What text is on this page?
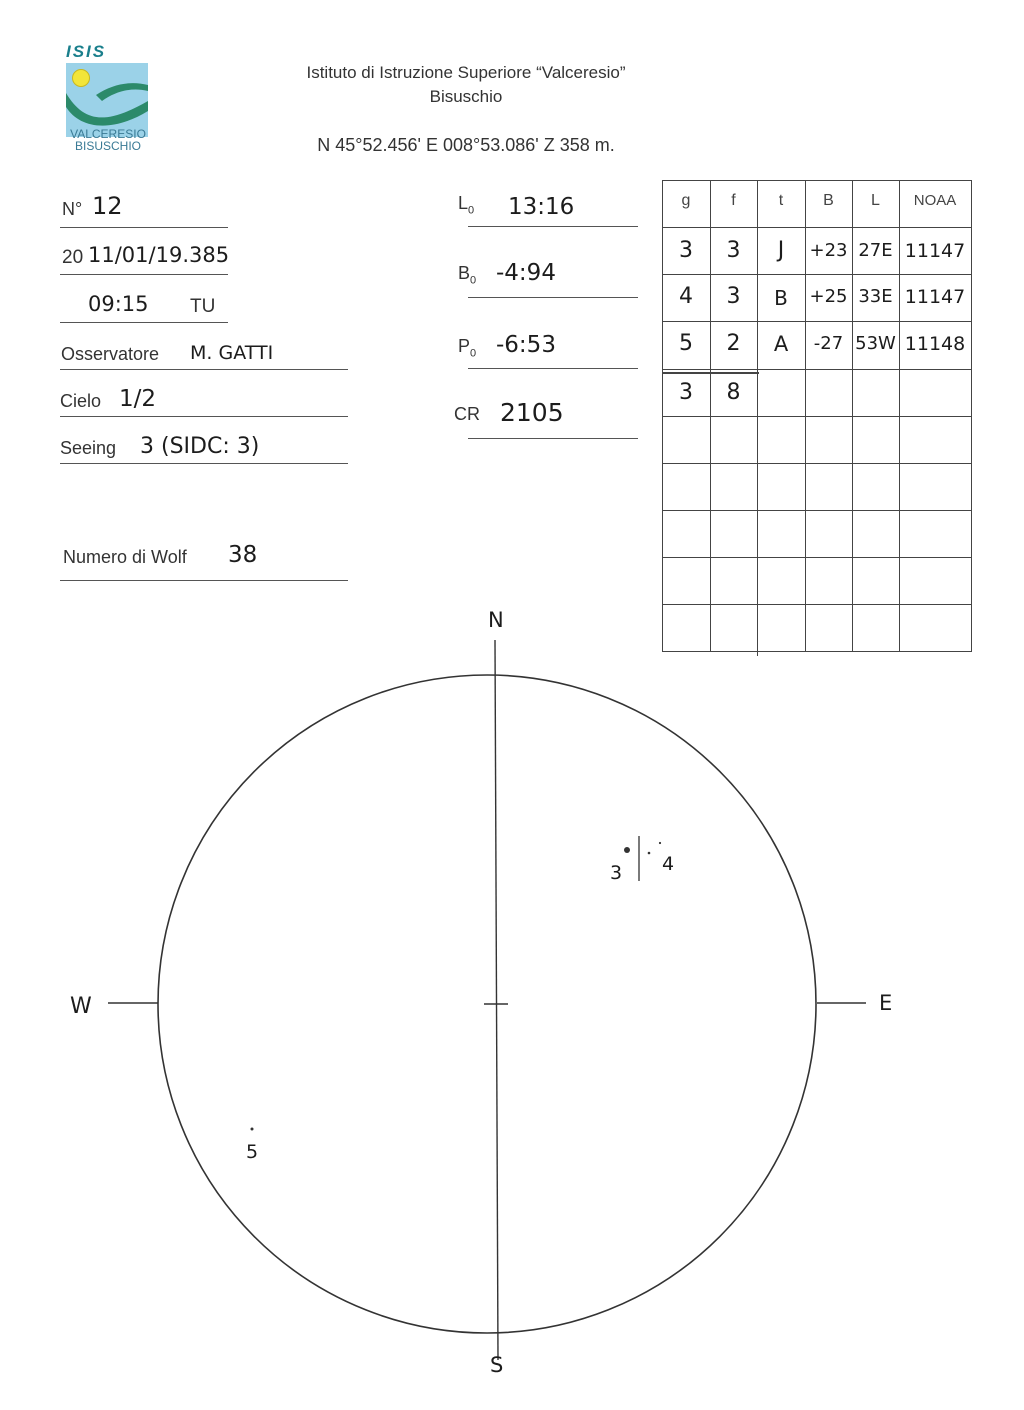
ISIS
VALCERESIO
BISUSCHIO
Istituto di Istruzione Superiore “Valceresio”
Bisuschio
N 45°52.456' E 008°53.086' Z 358 m.
N° 12
20 11/01/19.385
09:15 TU
Osservatore M. GATTI
Cielo 1/2
Seeing 3 (SIDC: 3)
Numero di Wolf 38
$L_0$ 13:16
$B_0$ -4:94
$P_0$ -6:53
CR 2105
g	f	t	B	L	NOAA
3	3	J	+23 27E 11147
4	3	B	+25 33E 11147
5	2	A	-27 53W 11148
3	8
N
S
E
W
3 4
5
